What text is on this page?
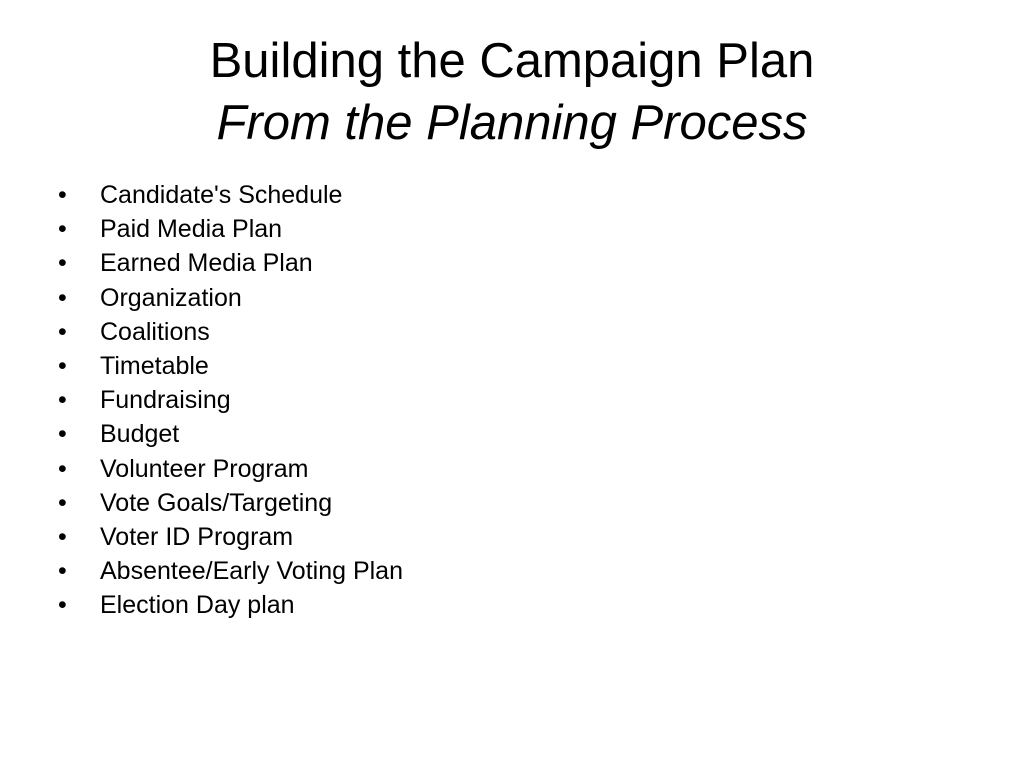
Building the Campaign Plan
From the Planning Process
• Candidate's Schedule
• Paid Media Plan
• Earned Media Plan
• Organization
• Coalitions
• Timetable
• Fundraising
• Budget
• Volunteer Program
• Vote Goals/Targeting
• Voter ID Program
• Absentee/Early Voting Plan
• Election Day plan
